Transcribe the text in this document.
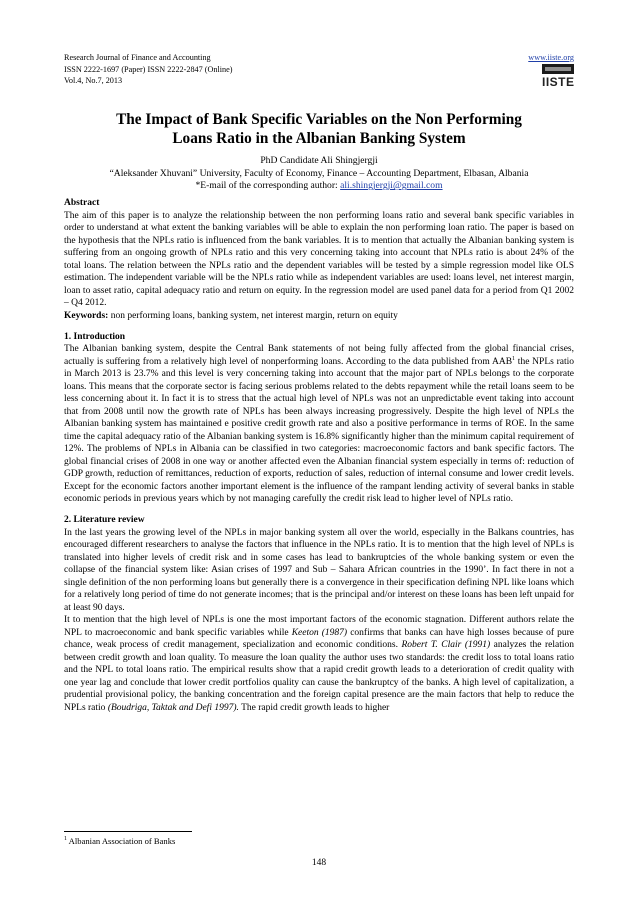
Research Journal of Finance and Accounting
ISSN 2222-1697 (Paper) ISSN 2222-2847 (Online)
Vol.4, No.7, 2013
www.iiste.org
IISTE
The Impact of Bank Specific Variables on the Non Performing
Loans Ratio in the Albanian Banking System
PhD Candidate Ali Shingjergji
“Aleksander Xhuvani” University, Faculty of Economy, Finance – Accounting Department, Elbasan, Albania
*E-mail of the corresponding author: ali.shingjergji@gmail.com

Abstract

The aim of this paper is to analyze the relationship between the non performing loans ratio and several bank specific variables in order to understand at what extent the banking variables will be able to explain the non performing loan ratio. The paper is based on the hypothesis that the NPLs ratio is influenced from the bank variables. It is to mention that actually the Albanian banking system is suffering from an ongoing growth of NPLs ratio and this very concerning taking into account that NPLs ratio is about 24% of the total loans. The relation between the NPLs ratio and the dependent variables will be tested by a simple regression model like OLS estimation. The independent variable will be the NPLs ratio while as independent variables are used: loans level, net interest margin, loan to asset ratio, capital adequacy ratio and return on equity. In the regression model are used panel data for a period from Q1 2002 – Q4 2012.

Keywords: non performing loans, banking system, net interest margin, return on equity

1. Introduction

The Albanian banking system, despite the Central Bank statements of not being fully affected from the global financial crises, actually is suffering from a relatively high level of nonperforming loans. According to the data published from AAB$^1$ the NPLs ratio in March 2013 is 23.7% and this level is very concerning taking into account that the major part of NPLs belongs to the corporate loans. This means that the corporate sector is facing serious problems related to the debts repayment while the retail loans seem to be less concerning about it. In fact it is to stress that the actual high level of NPLs was not an unpredictable event taking into account that from 2008 until now the growth rate of NPLs has been always increasing progressively. Despite the high level of NPLs the Albanian banking system has maintained e positive credit growth rate and also a positive performance in terms of ROE. In the same time the capital adequacy ratio of the Albanian banking system is 16.8% significantly higher than the minimum capital requirement of 12%. The problems of NPLs in Albania can be classified in two categories: macroeconomic factors and bank specific factors. The global financial crises of 2008 in one way or another affected even the Albanian financial system especially in terms of: reduction of GDP growth, reduction of remittances, reduction of exports, reduction of sales, reduction of internal consume and lower credit levels. Except for the economic factors another important element is the influence of the rampant lending activity of several banks in stable economic periods in previous years which by not managing carefully the credit risk lead to higher level of NPLs ratio.

2. Literature review

In the last years the growing level of the NPLs in major banking system all over the world, especially in the Balkans countries, has encouraged different researchers to analyse the factors that influence in the NPLs ratio. It is to mention that the high level of NPLs is translated into higher levels of credit risk and in some cases has lead to bankruptcies of the whole banking system or even the collapse of the financial system like: Asian crises of 1997 and Sub – Sahara African countries in the 1990’. In fact there in not a single definition of the non performing loans but generally there is a convergence in their specification defining NPL like loans which for a relatively long period of time do not generate incomes; that is the principal and/or interest on these loans has been left unpaid for at least 90 days.

It to mention that the high level of NPLs is one the most important factors of the economic stagnation. Different authors relate the NPL to macroeconomic and bank specific variables while Keeton (1987) confirms that banks can have high losses because of pure chance, weak process of credit management, specialization and economic conditions. Robert T. Clair (1991) analyzes the relation between credit growth and loan quality. To measure the loan quality the author uses two standards: the credit loss to total loans ratio and the NPL to total loans ratio. The empirical results show that a rapid credit growth leads to a deterioration of credit quality with one year lag and conclude that lower credit portfolios quality can cause the bankruptcy of the banks. A high level of capitalization, a prudential provisional policy, the banking concentration and the foreign capital presence are the main factors that help to reduce the NPLs ratio (Boudriga, Taktak and Defi 1997). The rapid credit growth leads to higher

$^1$ Albanian Association of Banks
148
